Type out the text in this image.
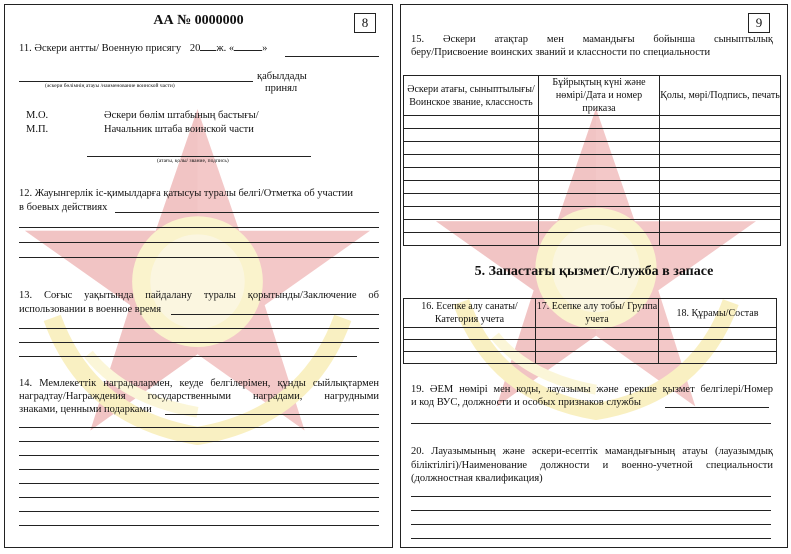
АА № 0000000	8
11. Әскери антты/ Военную присягу 20 ж. «	»
(әскери бөлімнің атауы /наименование воинской части)
қабылдады
принял
М.О.
М.П.
Әскери бөлім штабының бастығы/
Начальник штаба воинской части
(атағы, қолы/ звание, подпись)
12. Жауынгерлік іс-қимылдарға қатысуы туралы белгі/Отметка об участии
в боевых действиях
13. Соғыс уақытында пайдалану туралы қорытынды/Заключение об
использовании в военное время
14. Мемлекеттік наградалармен, кеуде белгілерімен, құнды сыйлықтармен
наградтау/Награждения государственными наградами, нагрудными
знаками, ценными подарками
9
15. Әскери атақтар мен мамандығы бойынша сыныптылық
беру/Присвоение воинских званий и классности по специальности
Әскери атағы, сыныптылығы/Воинское звание, классность	Бұйрықтың күні және нөмірі/Дата и номер приказа	Қолы, мөрі/Подпись, печать

5. Запастағы қызмет/Служба в запасе
16. Есепке алу санаты/Категория учета	17. Есепке алу тобы/ Группа учета	18. Құрамы/Состав

19. ӘЕМ нөмірі мен коды, лауазымы және ерекше қызмет белгілері/Номер
и код ВУС, должности и особых признаков службы
20. Лауазымының және әскери-есептік мамандығының атауы (лауазымдық
біліктілігі)/Наименование должности и военно-учетной специальности
(должностная квалификация)
